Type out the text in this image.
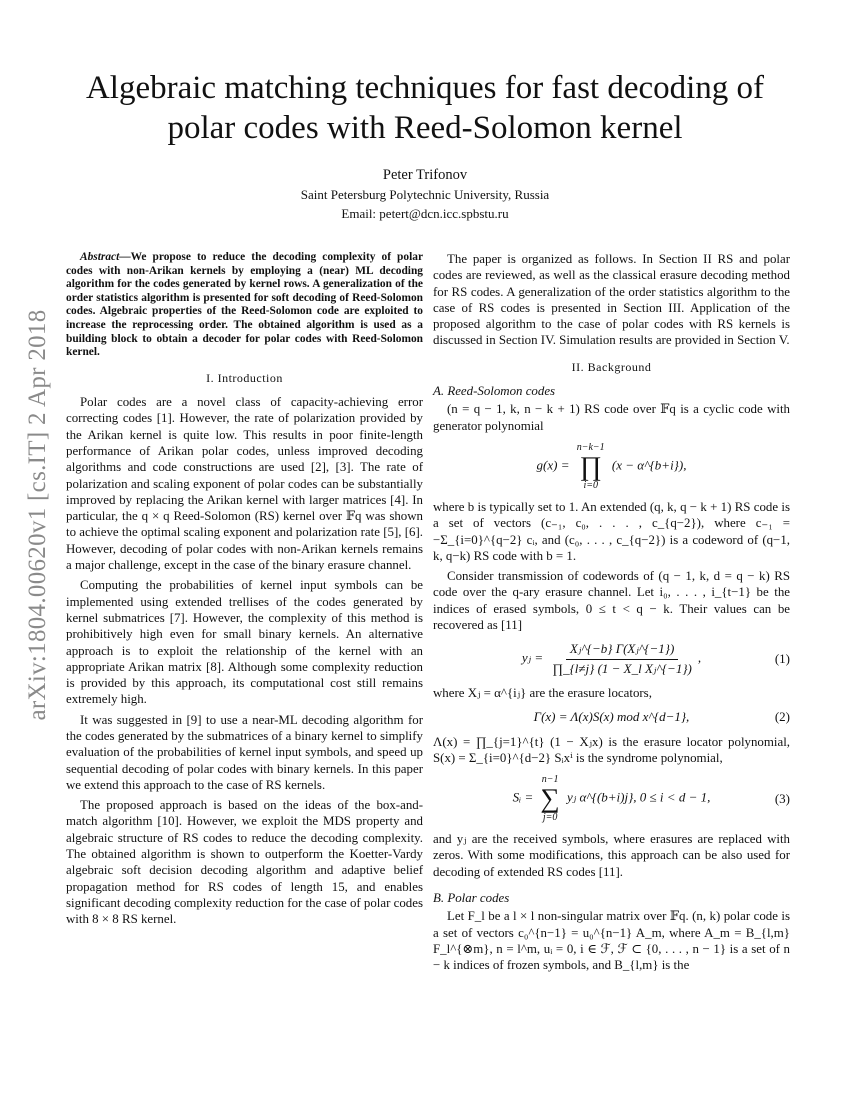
arXiv:1804.00620v1 [cs.IT] 2 Apr 2018
Algebraic matching techniques for fast decoding of polar codes with Reed-Solomon kernel
Peter Trifonov
Saint Petersburg Polytechnic University, Russia
Email: petert@dcn.icc.spbstu.ru

Abstract—We propose to reduce the decoding complexity of polar codes with non-Arikan kernels by employing a (near) ML decoding algorithm for the codes generated by kernel rows. A generalization of the order statistics algorithm is presented for soft decoding of Reed-Solomon codes. Algebraic properties of the Reed-Solomon code are exploited to increase the reprocessing order. The obtained algorithm is used as a building block to obtain a decoder for polar codes with Reed-Solomon kernel.

I. Introduction

Polar codes are a novel class of capacity-achieving error correcting codes [1]. However, the rate of polarization provided by the Arikan kernel is quite low. This results in poor finite-length performance of Arikan polar codes, unless improved decoding algorithms and code constructions are used [2], [3]. The rate of polarization and scaling exponent of polar codes can be substantially improved by replacing the Arikan kernel with larger matrices [4]. In particular, the q × q Reed-Solomon (RS) kernel over 𝔽q was shown to achieve the optimal scaling exponent and polarization rate [5], [6]. However, decoding of polar codes with non-Arikan kernels remains a major challenge, except in the case of the binary erasure channel.

Computing the probabilities of kernel input symbols can be implemented using extended trellises of the codes generated by kernel submatrices [7]. However, the complexity of this method is prohibitively high even for small binary kernels. An alternative approach is to exploit the relationship of the kernel with an appropriate Arikan matrix [8]. Although some complexity reduction is provided by this approach, its computational cost still remains extremely high.

It was suggested in [9] to use a near-ML decoding algorithm for the codes generated by the submatrices of a binary kernel to simplify evaluation of the probabilities of kernel input symbols, and speed up sequential decoding of polar codes with binary kernels. In this paper we extend this approach to the case of RS kernels.

The proposed approach is based on the ideas of the box-and-match algorithm [10]. However, we exploit the MDS property and algebraic structure of RS codes to reduce the decoding complexity. The obtained algorithm is shown to outperform the Koetter-Vardy algebraic soft decision decoding algorithm and adaptive belief propagation method for RS codes of length 15, and enables significant decoding complexity reduction for the case of polar codes with 8 × 8 RS kernel.

The paper is organized as follows. In Section II RS and polar codes are reviewed, as well as the classical erasure decoding method for RS codes. A generalization of the order statistics algorithm to the case of RS codes is presented in Section III. Application of the proposed algorithm to the case of polar codes with RS kernels is discussed in Section IV. Simulation results are provided in Section V.

II. Background
A. Reed-Solomon codes

(n = q − 1, k, n − k + 1) RS code over 𝔽q is a cyclic code with generator polynomial

g(x) =
n−k−1
∏
i=0
(x − α^{b+i}),

where b is typically set to 1. An extended (q, k, q − k + 1) RS code is a set of vectors (c₋₁, c₀, . . . , c_{q−2}), where c₋₁ = −Σ_{i=0}^{q−2} cᵢ, and (c₀, . . . , c_{q−2}) is a codeword of (q−1, k, q−k) RS code with b = 1.

Consider transmission of codewords of (q − 1, k, d = q − k) RS code over the q-ary erasure channel. Let i₀, . . . , i_{t−1} be the indices of erased symbols, 0 ≤ t < q − k. Their values can be recovered as [11]

yⱼ = $\frac{\text{Xⱼ\textasciicircum{}\{−b\} Γ(Xⱼ\textasciicircum{}\{−1\})}}{\text{∏\_\{l≠j\} (1 − X\_l Xⱼ\textasciicircum{}\{−1\})}}$ ,	(1)

where Xⱼ = α^{iⱼ} are the erasure locators,

Γ(x) = Λ(x)S(x) mod x^{d−1},	(2)

Λ(x) = ∏_{j=1}^{t} (1 − Xⱼx) is the erasure locator polynomial, S(x) = Σ_{i=0}^{d−2} Sᵢxⁱ is the syndrome polynomial,

Sᵢ =
n−1
∑
j=0
yⱼ α^{(b+i)j}, 0 ≤ i < d − 1,	(3)

and yⱼ are the received symbols, where erasures are replaced with zeros. With some modifications, this approach can be also used for decoding of extended RS codes [11].

B. Polar codes

Let F_l be a l × l non-singular matrix over 𝔽q. (n, k) polar code is a set of vectors c₀^{n−1} = u₀^{n−1} A_m, where A_m = B_{l,m} F_l^{⊗m}, n = l^m, uᵢ = 0, i ∈ ℱ, ℱ ⊂ {0, . . . , n − 1} is a set of n − k indices of frozen symbols, and B_{l,m} is the
